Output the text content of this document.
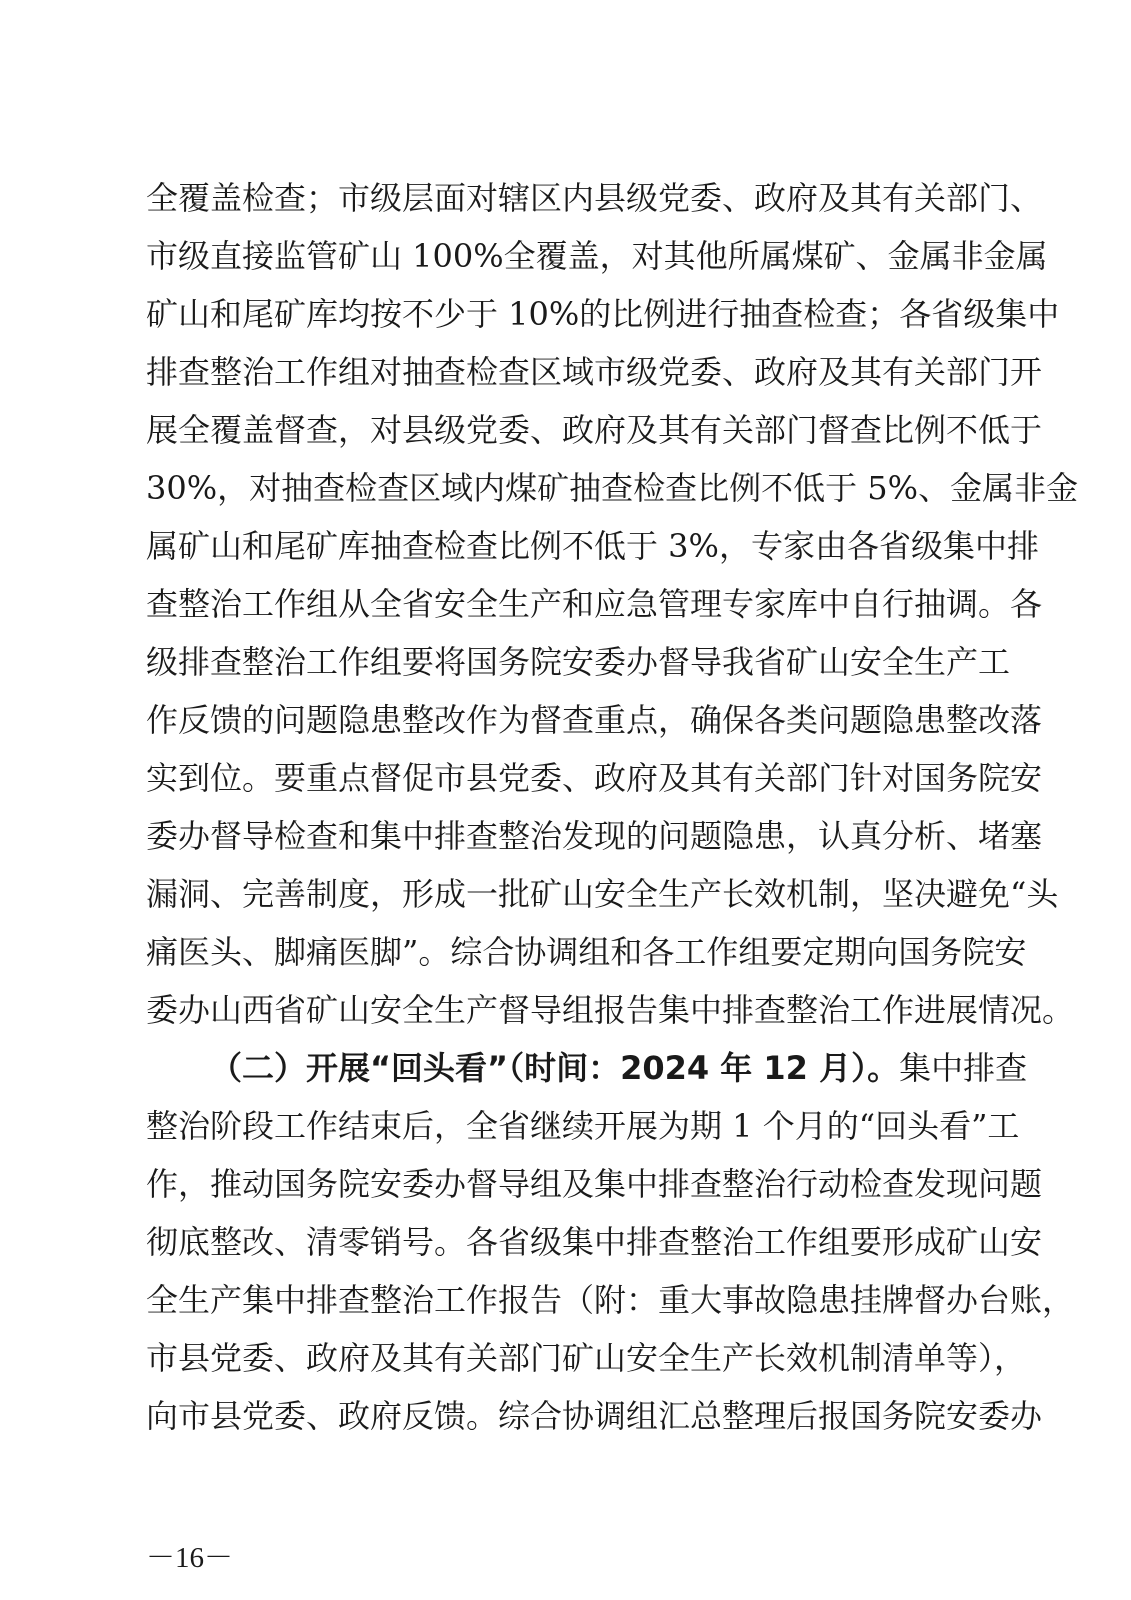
全覆盖检查；市级层面对辖区内县级党委、政府及其有关部门、
市级直接监管矿山 100%全覆盖，对其他所属煤矿、金属非金属
矿山和尾矿库均按不少于 10%的比例进行抽查检查；各省级集中
排查整治工作组对抽查检查区域市级党委、政府及其有关部门开
展全覆盖督查，对县级党委、政府及其有关部门督查比例不低于
30%，对抽查检查区域内煤矿抽查检查比例不低于 5%、金属非金
属矿山和尾矿库抽查检查比例不低于 3%，专家由各省级集中排
查整治工作组从全省安全生产和应急管理专家库中自行抽调。各
级排查整治工作组要将国务院安委办督导我省矿山安全生产工
作反馈的问题隐患整改作为督查重点，确保各类问题隐患整改落
实到位。要重点督促市县党委、政府及其有关部门针对国务院安
委办督导检查和集中排查整治发现的问题隐患，认真分析、堵塞
漏洞、完善制度，形成一批矿山安全生产长效机制，坚决避免“头
痛医头、脚痛医脚”。综合协调组和各工作组要定期向国务院安
委办山西省矿山安全生产督导组报告集中排查整治工作进展情况。
（二）开展“回头看”（时间：2024 年 12 月）。集中排查
整治阶段工作结束后，全省继续开展为期 1 个月的“回头看”工
作，推动国务院安委办督导组及集中排查整治行动检查发现问题
彻底整改、清零销号。各省级集中排查整治工作组要形成矿山安
全生产集中排查整治工作报告（附：重大事故隐患挂牌督办台账，
市县党委、政府及其有关部门矿山安全生产长效机制清单等），
向市县党委、政府反馈。综合协调组汇总整理后报国务院安委办
－16－
